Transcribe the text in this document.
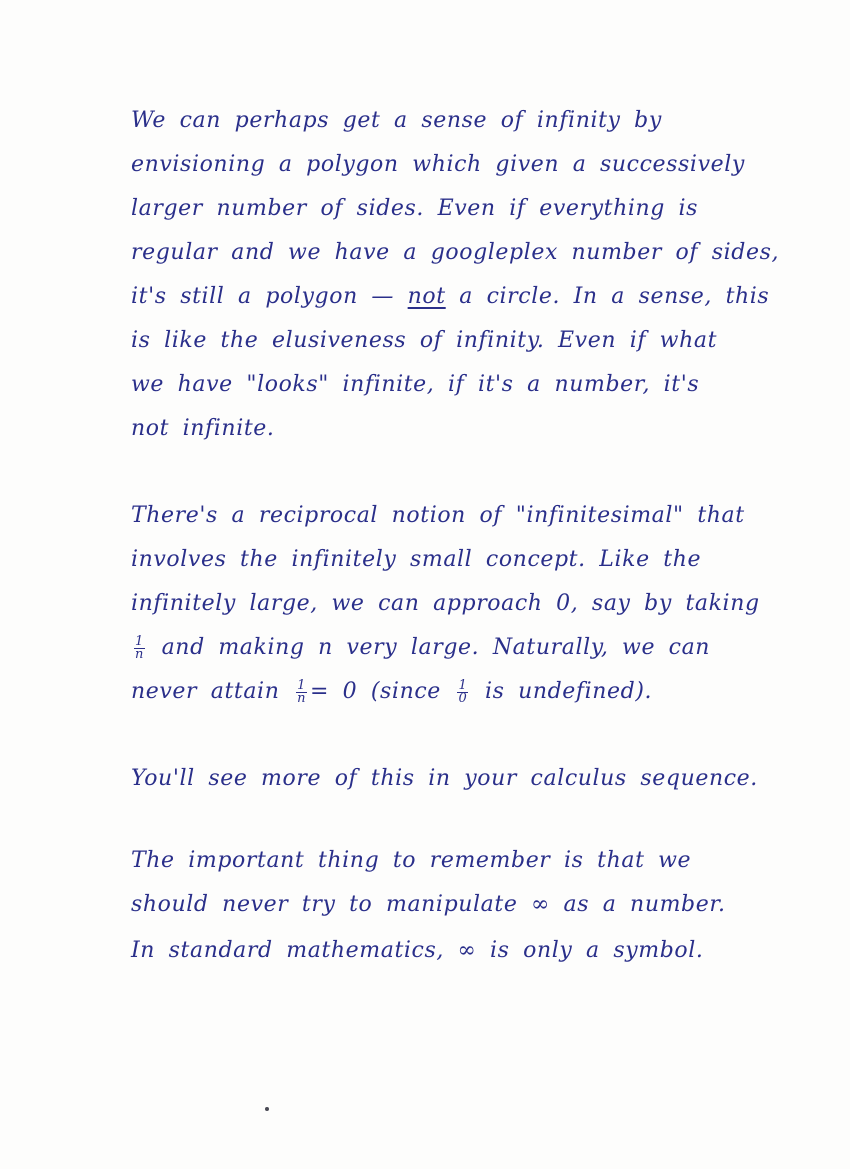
We can perhaps get a sense of infinity by
envisioning a polygon which given a successively
larger number of sides. Even if everything is
regular and we have a googleplex number of sides,
it's still a polygon — not a circle. In a sense, this
is like the elusiveness of infinity. Even if what
we have "looks" infinite, if it's a number, it's
not infinite.
There's a reciprocal notion of "infinitesimal" that
involves the infinitely small concept. Like the
infinitely large, we can approach 0, say by taking
$\frac{1}{n}$ and making n very large. Naturally, we can
never attain $\frac{1}{n} = 0$ (since $\frac{1}{0}$ is undefined).
You'll see more of this in your calculus sequence.
The important thing to remember is that we
should never try to manipulate ∞ as a number.
In standard mathematics, ∞ is only a symbol.
